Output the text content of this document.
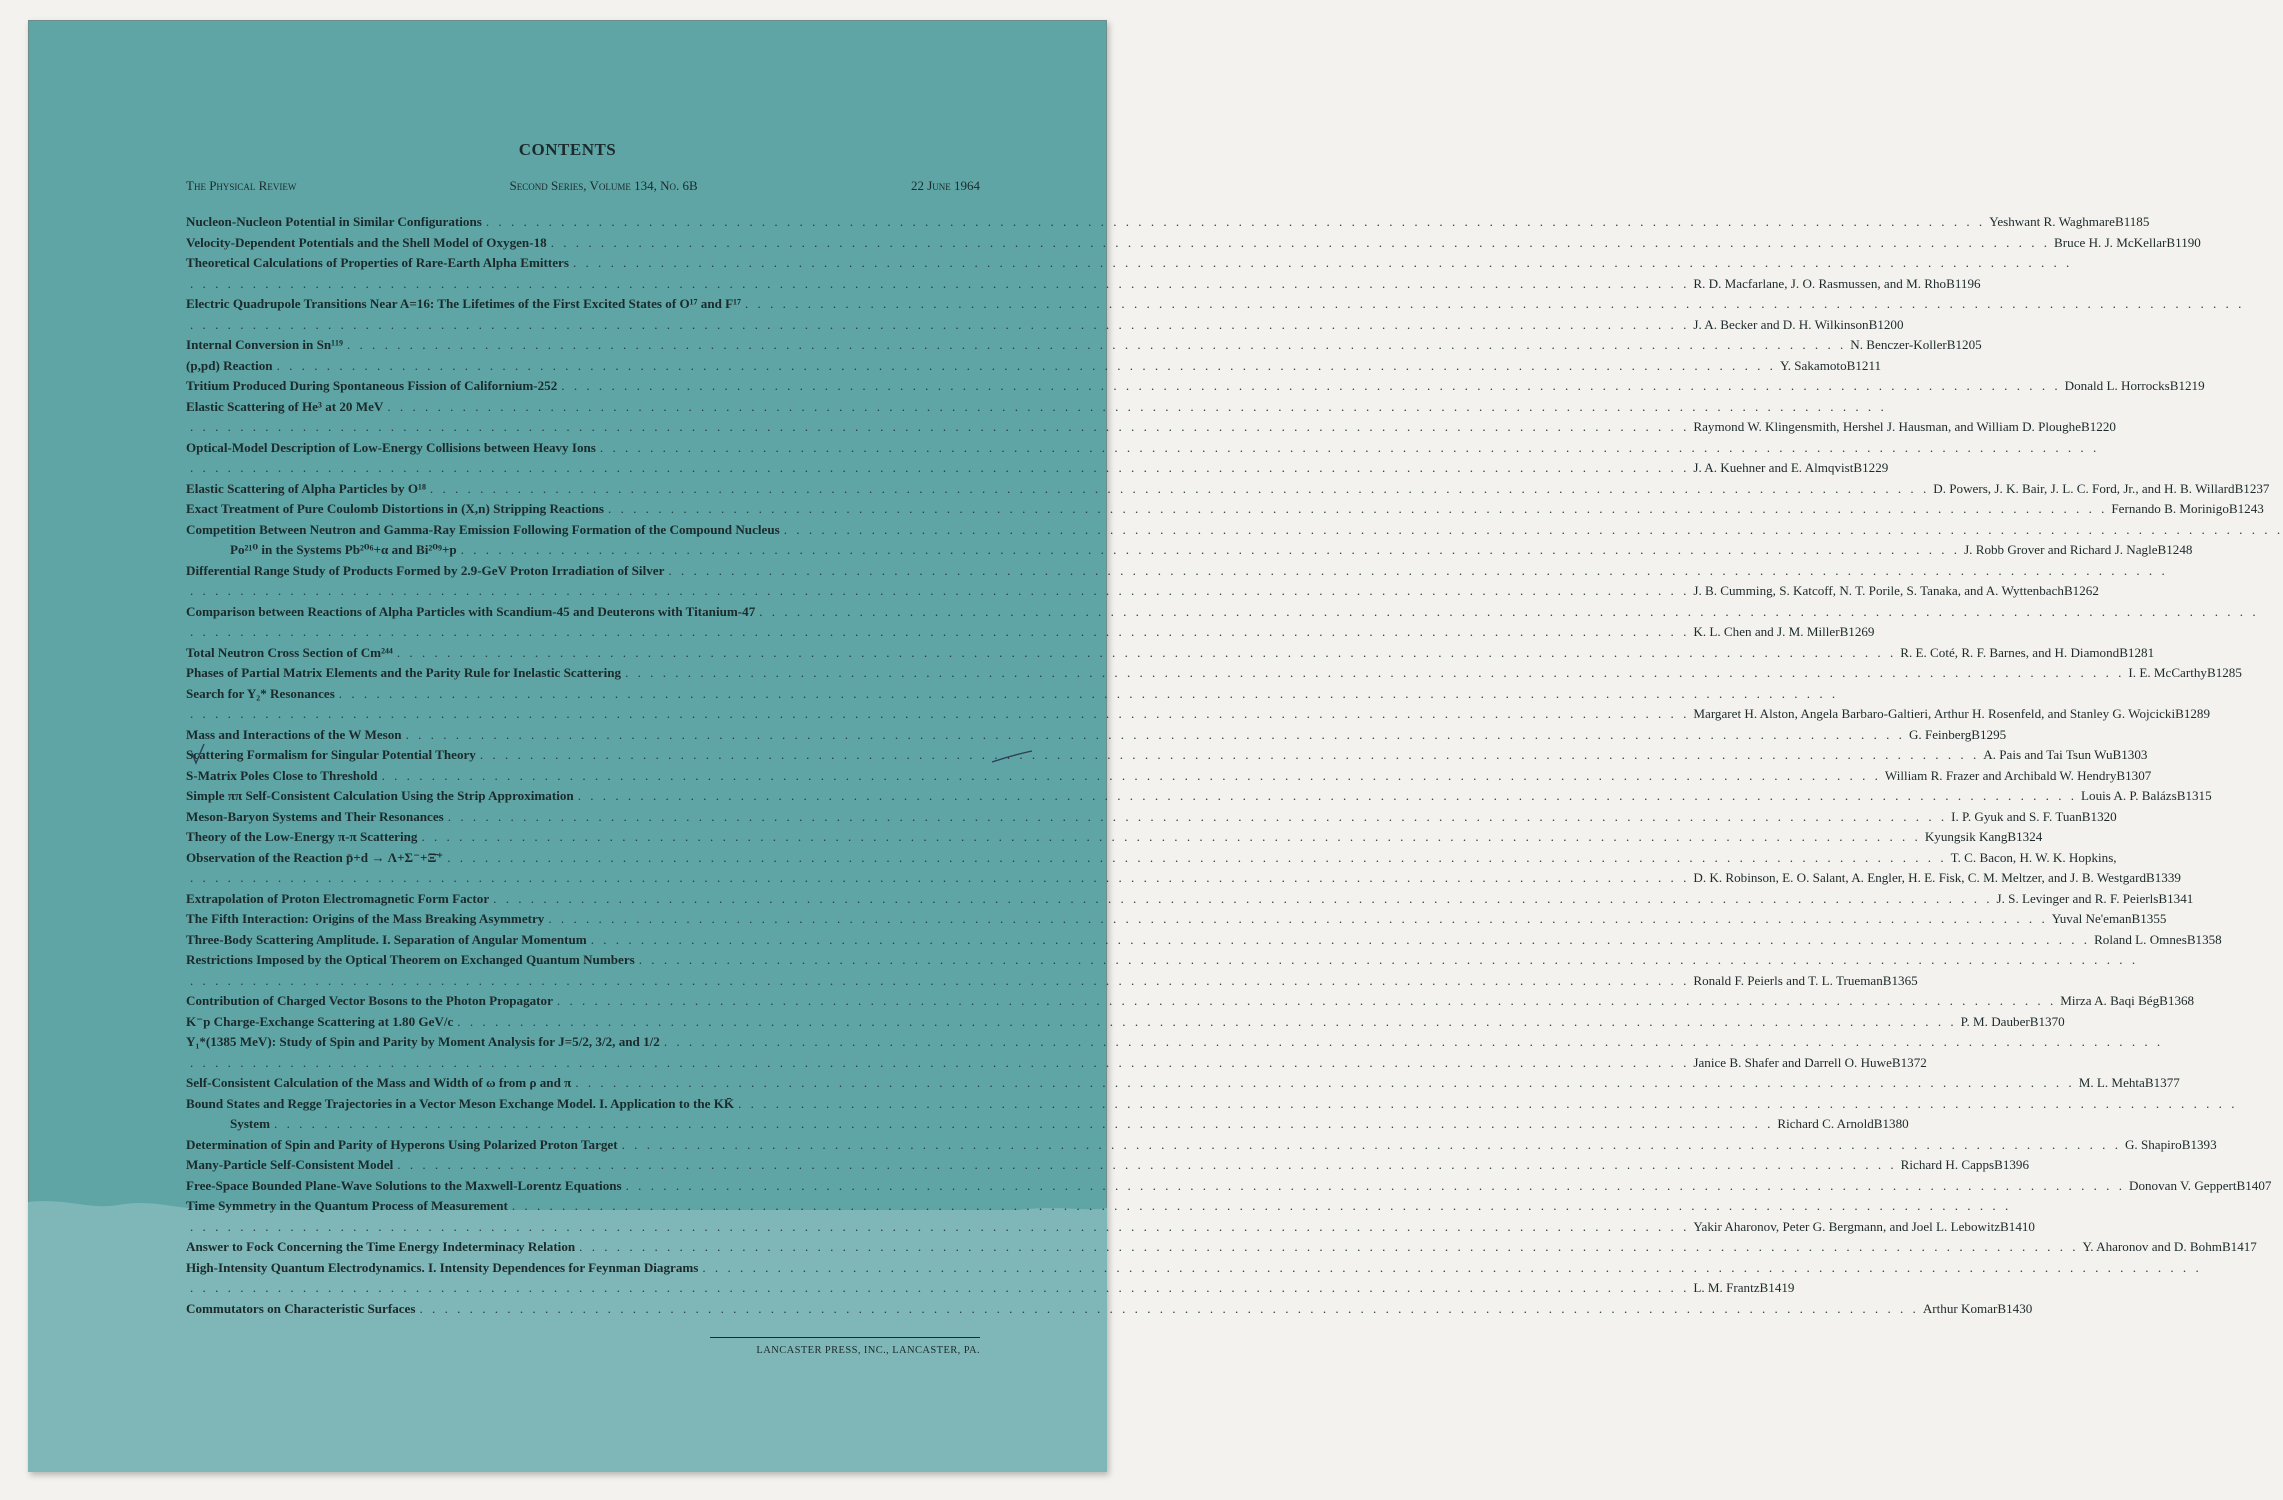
CONTENTS
The Physical Review	Second Series, Volume 134, No. 6B	22 June 1964
Nucleon-Nucleon Potential in Similar Configurations . . . . . . . . . . . . . . . . . . . . . . . . . . . . . . . . . . . . . . . . . . . . . . . . . . . . . . . . . . . . . . . . . . . . . . . . . . . . . . . . . . . . . . . . . . . . . . . . . . . . . . . . . . . . . . . . . . . . . . . . Yeshwant R. Waghmare B1185
Velocity-Dependent Potentials and the Shell Model of Oxygen-18 . . . . . . . . . . . . . . . . . . . . . . . . . . . . . . . . . . . . . . . . . . . . . . . . . . . . . . . . . . . . . . . . . . . . . . . . . . . . . . . . . . . . . . . . . . . . . . . . . . . . . . . . . . . . . . . . . . . . . . . . Bruce H. J. McKellar B1190
Theoretical Calculations of Properties of Rare-Earth Alpha Emitters . . . . . . . . . . . . . . . . . . . . . . . . . . . . . . . . . . . . . . . . . . . . . . . . . . . . . . . . . . . . . . . . . . . . . . . . . . . . . . . . . . . . . . . . . . . . . . . . . . . . . . . . . . . . . . . . . . . . . . . .
. . . . . . . . . . . . . . . . . . . . . . . . . . . . . . . . . . . . . . . . . . . . . . . . . . . . . . . . . . . . . . . . . . . . . . . . . . . . . . . . . . . . . . . . . . . . . . . . . . . . . . . . . . . . . . . . . . . . . . . . R. D. Macfarlane, J. O. Rasmussen, and M. Rho B1196
Electric Quadrupole Transitions Near A=16: The Lifetimes of the First Excited States of O¹⁷ and F¹⁷ . . . . . . . . . . . . . . . . . . . . . . . . . . . . . . . . . . . . . . . . . . . . . . . . . . . . . . . . . . . . . . . . . . . . . . . . . . . . . . . . . . . . . . . . . . . . . . . . . . . . . . . . . . . . . . . . . . . . . . . .
. . . . . . . . . . . . . . . . . . . . . . . . . . . . . . . . . . . . . . . . . . . . . . . . . . . . . . . . . . . . . . . . . . . . . . . . . . . . . . . . . . . . . . . . . . . . . . . . . . . . . . . . . . . . . . . . . . . . . . . . J. A. Becker and D. H. Wilkinson B1200
Internal Conversion in Sn¹¹⁹ . . . . . . . . . . . . . . . . . . . . . . . . . . . . . . . . . . . . . . . . . . . . . . . . . . . . . . . . . . . . . . . . . . . . . . . . . . . . . . . . . . . . . . . . . . . . . . . . . . . . . . . . . . . . . . . . . . . . . . . . N. Benczer-Koller B1205
(p,pd) Reaction . . . . . . . . . . . . . . . . . . . . . . . . . . . . . . . . . . . . . . . . . . . . . . . . . . . . . . . . . . . . . . . . . . . . . . . . . . . . . . . . . . . . . . . . . . . . . . . . . . . . . . . . . . . . . . . . . . . . . . . . Y. Sakamoto B1211
Tritium Produced During Spontaneous Fission of Californium-252 . . . . . . . . . . . . . . . . . . . . . . . . . . . . . . . . . . . . . . . . . . . . . . . . . . . . . . . . . . . . . . . . . . . . . . . . . . . . . . . . . . . . . . . . . . . . . . . . . . . . . . . . . . . . . . . . . . . . . . . . Donald L. Horrocks B1219
Elastic Scattering of He³ at 20 MeV . . . . . . . . . . . . . . . . . . . . . . . . . . . . . . . . . . . . . . . . . . . . . . . . . . . . . . . . . . . . . . . . . . . . . . . . . . . . . . . . . . . . . . . . . . . . . . . . . . . . . . . . . . . . . . . . . . . . . . . .
. . . . . . . . . . . . . . . . . . . . . . . . . . . . . . . . . . . . . . . . . . . . . . . . . . . . . . . . . . . . . . . . . . . . . . . . . . . . . . . . . . . . . . . . . . . . . . . . . . . . . . . . . . . . . . . . . . . . . . . . Raymond W. Klingensmith, Hershel J. Hausman, and William D. Ploughe B1220
Optical-Model Description of Low-Energy Collisions between Heavy Ions . . . . . . . . . . . . . . . . . . . . . . . . . . . . . . . . . . . . . . . . . . . . . . . . . . . . . . . . . . . . . . . . . . . . . . . . . . . . . . . . . . . . . . . . . . . . . . . . . . . . . . . . . . . . . . . . . . . . . . . .
. . . . . . . . . . . . . . . . . . . . . . . . . . . . . . . . . . . . . . . . . . . . . . . . . . . . . . . . . . . . . . . . . . . . . . . . . . . . . . . . . . . . . . . . . . . . . . . . . . . . . . . . . . . . . . . . . . . . . . . . J. A. Kuehner and E. Almqvist B1229
Elastic Scattering of Alpha Particles by O¹⁸ . . . . . . . . . . . . . . . . . . . . . . . . . . . . . . . . . . . . . . . . . . . . . . . . . . . . . . . . . . . . . . . . . . . . . . . . . . . . . . . . . . . . . . . . . . . . . . . . . . . . . . . . . . . . . . . . . . . . . . . . D. Powers, J. K. Bair, J. L. C. Ford, Jr., and H. B. Willard B1237
Exact Treatment of Pure Coulomb Distortions in (X,n) Stripping Reactions . . . . . . . . . . . . . . . . . . . . . . . . . . . . . . . . . . . . . . . . . . . . . . . . . . . . . . . . . . . . . . . . . . . . . . . . . . . . . . . . . . . . . . . . . . . . . . . . . . . . . . . . . . . . . . . . . . . . . . . . Fernando B. Morinigo B1243
Competition Between Neutron and Gamma-Ray Emission Following Formation of the Compound Nucleus . . . . . . . . . . . . . . . . . . . . . . . . . . . . . . . . . . . . . . . . . . . . . . . . . . . . . . . . . . . . . . . . . . . . . . . . . . . . . . . . . . . . . . . . . . . . . . . . . . . . . . . . . . . . . . . . . . . . . . . .
Po²¹⁰ in the Systems Pb²⁰⁶+α and Bi²⁰⁹+p . . . . . . . . . . . . . . . . . . . . . . . . . . . . . . . . . . . . . . . . . . . . . . . . . . . . . . . . . . . . . . . . . . . . . . . . . . . . . . . . . . . . . . . . . . . . . . . . . . . . . . . . . . . . . . . . . . . . . . . . J. Robb Grover and Richard J. Nagle B1248
Differential Range Study of Products Formed by 2.9-GeV Proton Irradiation of Silver . . . . . . . . . . . . . . . . . . . . . . . . . . . . . . . . . . . . . . . . . . . . . . . . . . . . . . . . . . . . . . . . . . . . . . . . . . . . . . . . . . . . . . . . . . . . . . . . . . . . . . . . . . . . . . . . . . . . . . . .
. . . . . . . . . . . . . . . . . . . . . . . . . . . . . . . . . . . . . . . . . . . . . . . . . . . . . . . . . . . . . . . . . . . . . . . . . . . . . . . . . . . . . . . . . . . . . . . . . . . . . . . . . . . . . . . . . . . . . . . . J. B. Cumming, S. Katcoff, N. T. Porile, S. Tanaka, and A. Wyttenbach B1262
Comparison between Reactions of Alpha Particles with Scandium-45 and Deuterons with Titanium-47 . . . . . . . . . . . . . . . . . . . . . . . . . . . . . . . . . . . . . . . . . . . . . . . . . . . . . . . . . . . . . . . . . . . . . . . . . . . . . . . . . . . . . . . . . . . . . . . . . . . . . . . . . . . . . . . . . . . . . . . .
. . . . . . . . . . . . . . . . . . . . . . . . . . . . . . . . . . . . . . . . . . . . . . . . . . . . . . . . . . . . . . . . . . . . . . . . . . . . . . . . . . . . . . . . . . . . . . . . . . . . . . . . . . . . . . . . . . . . . . . . K. L. Chen and J. M. Miller B1269
Total Neutron Cross Section of Cm²⁴⁴ . . . . . . . . . . . . . . . . . . . . . . . . . . . . . . . . . . . . . . . . . . . . . . . . . . . . . . . . . . . . . . . . . . . . . . . . . . . . . . . . . . . . . . . . . . . . . . . . . . . . . . . . . . . . . . . . . . . . . . . . R. E. Coté, R. F. Barnes, and H. Diamond B1281
Phases of Partial Matrix Elements and the Parity Rule for Inelastic Scattering . . . . . . . . . . . . . . . . . . . . . . . . . . . . . . . . . . . . . . . . . . . . . . . . . . . . . . . . . . . . . . . . . . . . . . . . . . . . . . . . . . . . . . . . . . . . . . . . . . . . . . . . . . . . . . . . . . . . . . . . I. E. McCarthy B1285
Search for Y₂* Resonances . . . . . . . . . . . . . . . . . . . . . . . . . . . . . . . . . . . . . . . . . . . . . . . . . . . . . . . . . . . . . . . . . . . . . . . . . . . . . . . . . . . . . . . . . . . . . . . . . . . . . . . . . . . . . . . . . . . . . . . .
. . . . . . . . . . . . . . . . . . . . . . . . . . . . . . . . . . . . . . . . . . . . . . . . . . . . . . . . . . . . . . . . . . . . . . . . . . . . . . . . . . . . . . . . . . . . . . . . . . . . . . . . . . . . . . . . . . . . . . . . Margaret H. Alston, Angela Barbaro-Galtieri, Arthur H. Rosenfeld, and Stanley G. Wojcicki B1289
Mass and Interactions of the W Meson . . . . . . . . . . . . . . . . . . . . . . . . . . . . . . . . . . . . . . . . . . . . . . . . . . . . . . . . . . . . . . . . . . . . . . . . . . . . . . . . . . . . . . . . . . . . . . . . . . . . . . . . . . . . . . . . . . . . . . . . G. Feinberg B1295
Scattering Formalism for Singular Potential Theory . . . . . . . . . . . . . . . . . . . . . . . . . . . . . . . . . . . . . . . . . . . . . . . . . . . . . . . . . . . . . . . . . . . . . . . . . . . . . . . . . . . . . . . . . . . . . . . . . . . . . . . . . . . . . . . . . . . . . . . . A. Pais and Tai Tsun Wu B1303
S-Matrix Poles Close to Threshold . . . . . . . . . . . . . . . . . . . . . . . . . . . . . . . . . . . . . . . . . . . . . . . . . . . . . . . . . . . . . . . . . . . . . . . . . . . . . . . . . . . . . . . . . . . . . . . . . . . . . . . . . . . . . . . . . . . . . . . . William R. Frazer and Archibald W. Hendry B1307
Simple ππ Self-Consistent Calculation Using the Strip Approximation . . . . . . . . . . . . . . . . . . . . . . . . . . . . . . . . . . . . . . . . . . . . . . . . . . . . . . . . . . . . . . . . . . . . . . . . . . . . . . . . . . . . . . . . . . . . . . . . . . . . . . . . . . . . . . . . . . . . . . . . Louis A. P. Balázs B1315
Meson-Baryon Systems and Their Resonances . . . . . . . . . . . . . . . . . . . . . . . . . . . . . . . . . . . . . . . . . . . . . . . . . . . . . . . . . . . . . . . . . . . . . . . . . . . . . . . . . . . . . . . . . . . . . . . . . . . . . . . . . . . . . . . . . . . . . . . . I. P. Gyuk and S. F. Tuan B1320
Theory of the Low-Energy π-π Scattering . . . . . . . . . . . . . . . . . . . . . . . . . . . . . . . . . . . . . . . . . . . . . . . . . . . . . . . . . . . . . . . . . . . . . . . . . . . . . . . . . . . . . . . . . . . . . . . . . . . . . . . . . . . . . . . . . . . . . . . . Kyungsik Kang B1324
Observation of the Reaction p̄+d → Λ+Σ⁻+Ξ̄⁺ . . . . . . . . . . . . . . . . . . . . . . . . . . . . . . . . . . . . . . . . . . . . . . . . . . . . . . . . . . . . . . . . . . . . . . . . . . . . . . . . . . . . . . . . . . . . . . . . . . . . . . . . . . . . . . . . . . . . . . . . T. C. Bacon, H. W. K. Hopkins,
. . . . . . . . . . . . . . . . . . . . . . . . . . . . . . . . . . . . . . . . . . . . . . . . . . . . . . . . . . . . . . . . . . . . . . . . . . . . . . . . . . . . . . . . . . . . . . . . . . . . . . . . . . . . . . . . . . . . . . . . D. K. Robinson, E. O. Salant, A. Engler, H. E. Fisk, C. M. Meltzer, and J. B. Westgard B1339
Extrapolation of Proton Electromagnetic Form Factor . . . . . . . . . . . . . . . . . . . . . . . . . . . . . . . . . . . . . . . . . . . . . . . . . . . . . . . . . . . . . . . . . . . . . . . . . . . . . . . . . . . . . . . . . . . . . . . . . . . . . . . . . . . . . . . . . . . . . . . . J. S. Levinger and R. F. Peierls B1341
The Fifth Interaction: Origins of the Mass Breaking Asymmetry . . . . . . . . . . . . . . . . . . . . . . . . . . . . . . . . . . . . . . . . . . . . . . . . . . . . . . . . . . . . . . . . . . . . . . . . . . . . . . . . . . . . . . . . . . . . . . . . . . . . . . . . . . . . . . . . . . . . . . . . Yuval Ne'eman B1355
Three-Body Scattering Amplitude. I. Separation of Angular Momentum . . . . . . . . . . . . . . . . . . . . . . . . . . . . . . . . . . . . . . . . . . . . . . . . . . . . . . . . . . . . . . . . . . . . . . . . . . . . . . . . . . . . . . . . . . . . . . . . . . . . . . . . . . . . . . . . . . . . . . . . Roland L. Omnes B1358
Restrictions Imposed by the Optical Theorem on Exchanged Quantum Numbers . . . . . . . . . . . . . . . . . . . . . . . . . . . . . . . . . . . . . . . . . . . . . . . . . . . . . . . . . . . . . . . . . . . . . . . . . . . . . . . . . . . . . . . . . . . . . . . . . . . . . . . . . . . . . . . . . . . . . . . .
. . . . . . . . . . . . . . . . . . . . . . . . . . . . . . . . . . . . . . . . . . . . . . . . . . . . . . . . . . . . . . . . . . . . . . . . . . . . . . . . . . . . . . . . . . . . . . . . . . . . . . . . . . . . . . . . . . . . . . . . Ronald F. Peierls and T. L. Trueman B1365
Contribution of Charged Vector Bosons to the Photon Propagator . . . . . . . . . . . . . . . . . . . . . . . . . . . . . . . . . . . . . . . . . . . . . . . . . . . . . . . . . . . . . . . . . . . . . . . . . . . . . . . . . . . . . . . . . . . . . . . . . . . . . . . . . . . . . . . . . . . . . . . . Mirza A. Baqi Bég B1368
K⁻p Charge-Exchange Scattering at 1.80 GeV/c . . . . . . . . . . . . . . . . . . . . . . . . . . . . . . . . . . . . . . . . . . . . . . . . . . . . . . . . . . . . . . . . . . . . . . . . . . . . . . . . . . . . . . . . . . . . . . . . . . . . . . . . . . . . . . . . . . . . . . . . P. M. Dauber B1370
Y₁*(1385 MeV): Study of Spin and Parity by Moment Analysis for J=5/2, 3/2, and 1/2 . . . . . . . . . . . . . . . . . . . . . . . . . . . . . . . . . . . . . . . . . . . . . . . . . . . . . . . . . . . . . . . . . . . . . . . . . . . . . . . . . . . . . . . . . . . . . . . . . . . . . . . . . . . . . . . . . . . . . . . .
. . . . . . . . . . . . . . . . . . . . . . . . . . . . . . . . . . . . . . . . . . . . . . . . . . . . . . . . . . . . . . . . . . . . . . . . . . . . . . . . . . . . . . . . . . . . . . . . . . . . . . . . . . . . . . . . . . . . . . . . Janice B. Shafer and Darrell O. Huwe B1372
Self-Consistent Calculation of the Mass and Width of ω from ρ and π . . . . . . . . . . . . . . . . . . . . . . . . . . . . . . . . . . . . . . . . . . . . . . . . . . . . . . . . . . . . . . . . . . . . . . . . . . . . . . . . . . . . . . . . . . . . . . . . . . . . . . . . . . . . . . . . . . . . . . . . M. L. Mehta B1377
Bound States and Regge Trajectories in a Vector Meson Exchange Model. I. Application to the KK̄ . . . . . . . . . . . . . . . . . . . . . . . . . . . . . . . . . . . . . . . . . . . . . . . . . . . . . . . . . . . . . . . . . . . . . . . . . . . . . . . . . . . . . . . . . . . . . . . . . . . . . . . . . . . . . . . . . . . . . . . .
System . . . . . . . . . . . . . . . . . . . . . . . . . . . . . . . . . . . . . . . . . . . . . . . . . . . . . . . . . . . . . . . . . . . . . . . . . . . . . . . . . . . . . . . . . . . . . . . . . . . . . . . . . . . . . . . . . . . . . . . . Richard C. Arnold B1380
Determination of Spin and Parity of Hyperons Using Polarized Proton Target . . . . . . . . . . . . . . . . . . . . . . . . . . . . . . . . . . . . . . . . . . . . . . . . . . . . . . . . . . . . . . . . . . . . . . . . . . . . . . . . . . . . . . . . . . . . . . . . . . . . . . . . . . . . . . . . . . . . . . . . G. Shapiro B1393
Many-Particle Self-Consistent Model . . . . . . . . . . . . . . . . . . . . . . . . . . . . . . . . . . . . . . . . . . . . . . . . . . . . . . . . . . . . . . . . . . . . . . . . . . . . . . . . . . . . . . . . . . . . . . . . . . . . . . . . . . . . . . . . . . . . . . . . Richard H. Capps B1396
Free-Space Bounded Plane-Wave Solutions to the Maxwell-Lorentz Equations . . . . . . . . . . . . . . . . . . . . . . . . . . . . . . . . . . . . . . . . . . . . . . . . . . . . . . . . . . . . . . . . . . . . . . . . . . . . . . . . . . . . . . . . . . . . . . . . . . . . . . . . . . . . . . . . . . . . . . . . Donovan V. Geppert B1407
Time Symmetry in the Quantum Process of Measurement . . . . . . . . . . . . . . . . . . . . . . . . . . . . . . . . . . . . . . . . . . . . . . . . . . . . . . . . . . . . . . . . . . . . . . . . . . . . . . . . . . . . . . . . . . . . . . . . . . . . . . . . . . . . . . . . . . . . . . . .
. . . . . . . . . . . . . . . . . . . . . . . . . . . . . . . . . . . . . . . . . . . . . . . . . . . . . . . . . . . . . . . . . . . . . . . . . . . . . . . . . . . . . . . . . . . . . . . . . . . . . . . . . . . . . . . . . . . . . . . . Yakir Aharonov, Peter G. Bergmann, and Joel L. Lebowitz B1410
Answer to Fock Concerning the Time Energy Indeterminacy Relation . . . . . . . . . . . . . . . . . . . . . . . . . . . . . . . . . . . . . . . . . . . . . . . . . . . . . . . . . . . . . . . . . . . . . . . . . . . . . . . . . . . . . . . . . . . . . . . . . . . . . . . . . . . . . . . . . . . . . . . . Y. Aharonov and D. Bohm B1417
High-Intensity Quantum Electrodynamics. I. Intensity Dependences for Feynman Diagrams . . . . . . . . . . . . . . . . . . . . . . . . . . . . . . . . . . . . . . . . . . . . . . . . . . . . . . . . . . . . . . . . . . . . . . . . . . . . . . . . . . . . . . . . . . . . . . . . . . . . . . . . . . . . . . . . . . . . . . . .
. . . . . . . . . . . . . . . . . . . . . . . . . . . . . . . . . . . . . . . . . . . . . . . . . . . . . . . . . . . . . . . . . . . . . . . . . . . . . . . . . . . . . . . . . . . . . . . . . . . . . . . . . . . . . . . . . . . . . . . . L. M. Frantz B1419
Commutators on Characteristic Surfaces . . . . . . . . . . . . . . . . . . . . . . . . . . . . . . . . . . . . . . . . . . . . . . . . . . . . . . . . . . . . . . . . . . . . . . . . . . . . . . . . . . . . . . . . . . . . . . . . . . . . . . . . . . . . . . . . . . . . . . . . Arthur Komar B1430
LANCASTER PRESS, INC., LANCASTER, PA.
